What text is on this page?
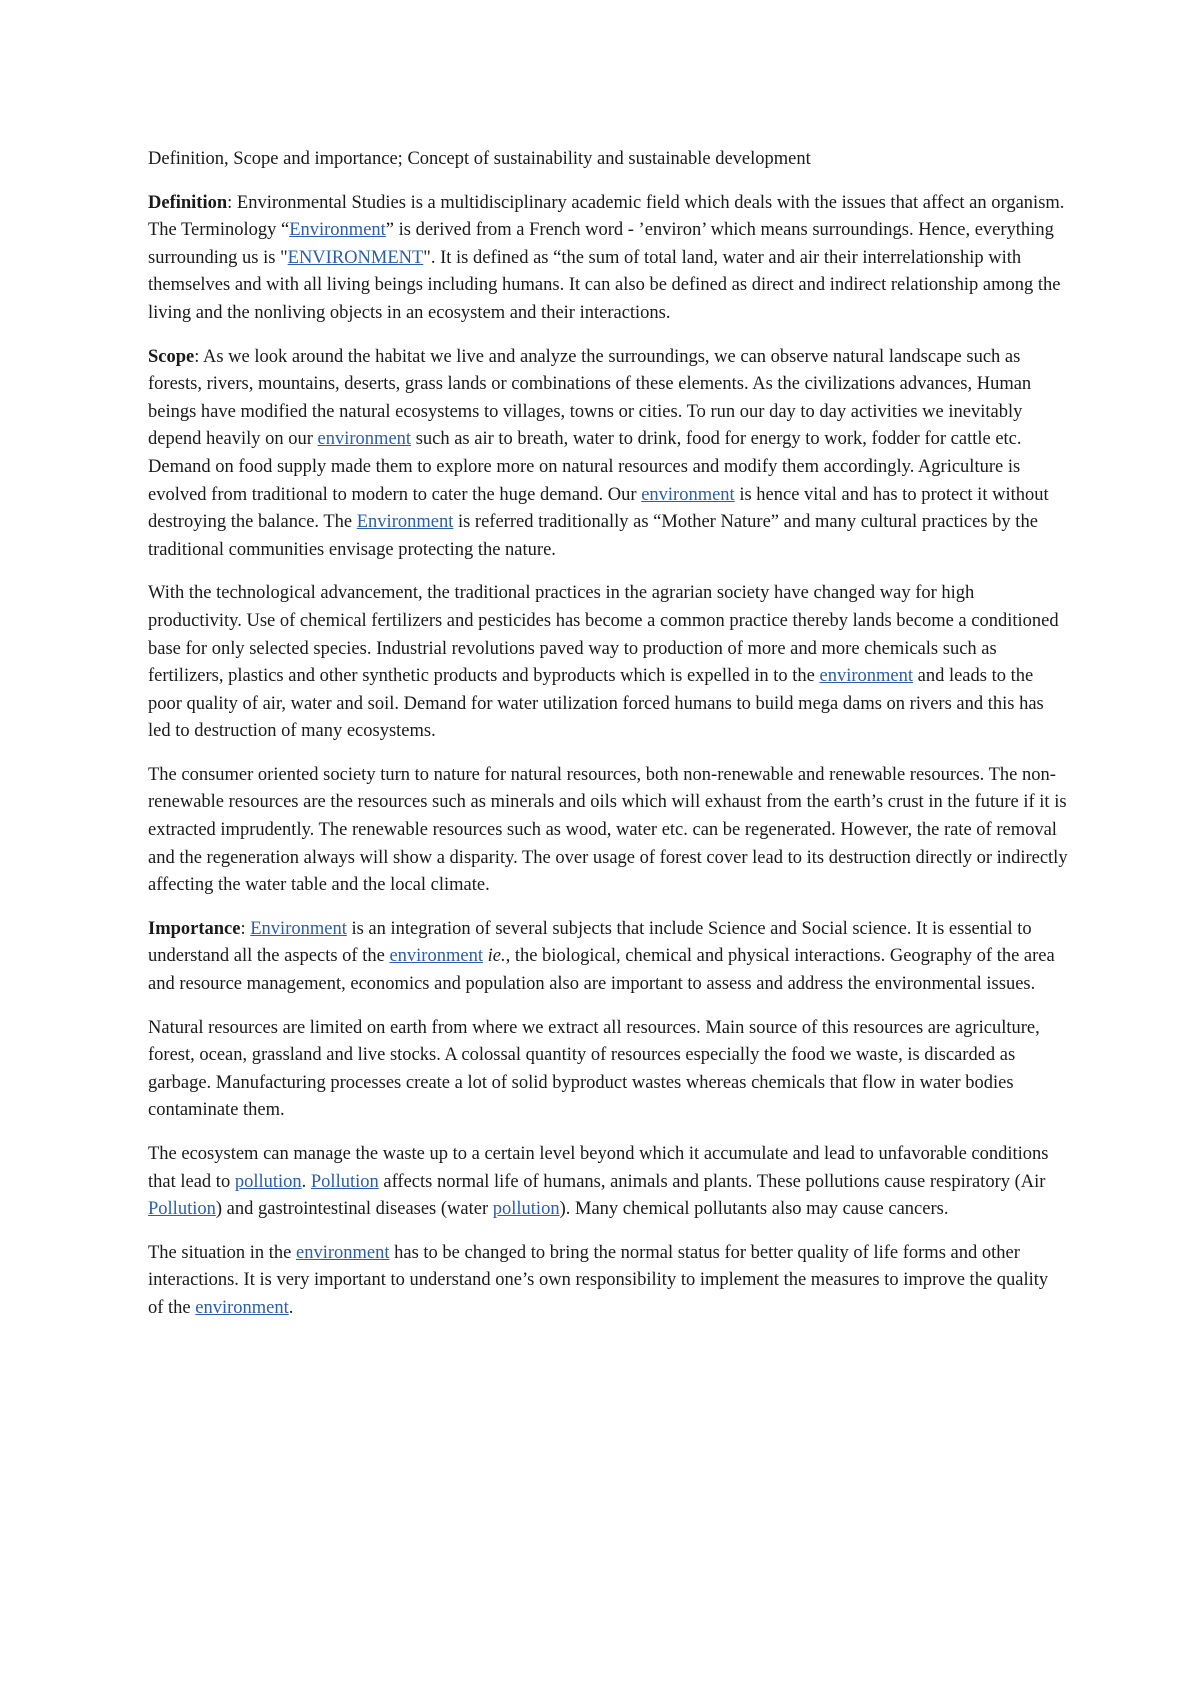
Definition, Scope and importance; Concept of sustainability and sustainable development

Definition: Environmental Studies is a multidisciplinary academic field which deals with the issues that affect an organism. The Terminology “Environment” is derived from a French word - ’environ’ which means surroundings. Hence, everything surrounding us is "ENVIRONMENT". It is defined as “the sum of total land, water and air their interrelationship with themselves and with all living beings including humans. It can also be defined as direct and indirect relationship among the living and the nonliving objects in an ecosystem and their interactions.

Scope: As we look around the habitat we live and analyze the surroundings, we can observe natural landscape such as forests, rivers, mountains, deserts, grass lands or combinations of these elements. As the civilizations advances, Human beings have modified the natural ecosystems to villages, towns or cities. To run our day to day activities we inevitably depend heavily on our environment such as air to breath, water to drink, food for energy to work, fodder for cattle etc. Demand on food supply made them to explore more on natural resources and modify them accordingly. Agriculture is evolved from traditional to modern to cater the huge demand. Our environment is hence vital and has to protect it without destroying the balance. The Environment is referred traditionally as “Mother Nature” and many cultural practices by the traditional communities envisage protecting the nature.

With the technological advancement, the traditional practices in the agrarian society have changed way for high productivity. Use of chemical fertilizers and pesticides has become a common practice thereby lands become a conditioned base for only selected species. Industrial revolutions paved way to production of more and more chemicals such as fertilizers, plastics and other synthetic products and byproducts which is expelled in to the environment and leads to the poor quality of air, water and soil. Demand for water utilization forced humans to build mega dams on rivers and this has led to destruction of many ecosystems.

The consumer oriented society turn to nature for natural resources, both non-renewable and renewable resources. The non-renewable resources are the resources such as minerals and oils which will exhaust from the earth’s crust in the future if it is extracted imprudently. The renewable resources such as wood, water etc. can be regenerated. However, the rate of removal and the regeneration always will show a disparity. The over usage of forest cover lead to its destruction directly or indirectly affecting the water table and the local climate.

Importance: Environment is an integration of several subjects that include Science and Social science. It is essential to understand all the aspects of the environment ie., the biological, chemical and physical interactions. Geography of the area and resource management, economics and population also are important to assess and address the environmental issues.

Natural resources are limited on earth from where we extract all resources. Main source of this resources are agriculture, forest, ocean, grassland and live stocks. A colossal quantity of resources especially the food we waste, is discarded as garbage. Manufacturing processes create a lot of solid byproduct wastes whereas chemicals that flow in water bodies contaminate them.

The ecosystem can manage the waste up to a certain level beyond which it accumulate and lead to unfavorable conditions that lead to pollution. Pollution affects normal life of humans, animals and plants. These pollutions cause respiratory (Air Pollution) and gastrointestinal diseases (water pollution). Many chemical pollutants also may cause cancers.

The situation in the environment has to be changed to bring the normal status for better quality of life forms and other interactions. It is very important to understand one’s own responsibility to implement the measures to improve the quality of the environment.
